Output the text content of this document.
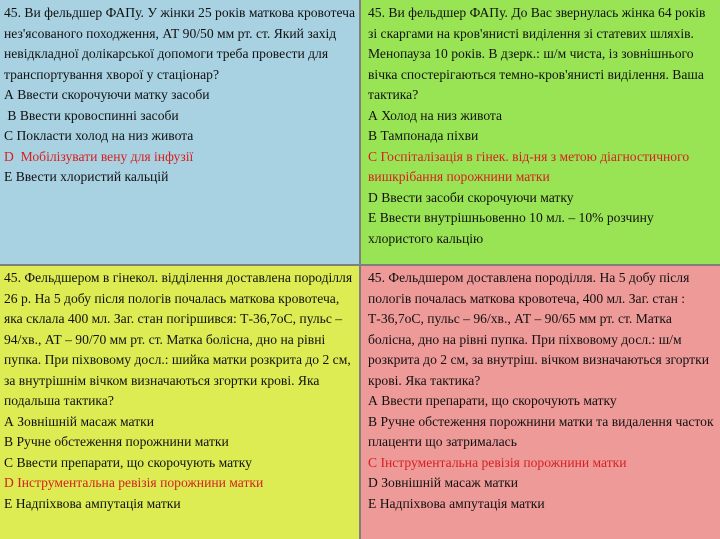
45. Ви фельдшер ФАПу. У жінки 25 років маткова кровотеча нез'ясованого походження, АТ 90/50 мм рт. ст. Який захід невідкладної долікарської допомоги треба провести для транспортування хворої у стаціонар?

А Ввести скорочуючи матку засоби

В Ввести кровоспинні засоби

С Покласти холод на низ живота

D  Мобілізувати вену для інфузії

Е Ввести хлористий кальцій

45. Ви фельдшер ФАПу. До Вас звернулась жінка 64 років зі скаргами на кров'янисті виділення зі статевих шляхів. Менопауза 10 років. В дзерк.: ш/м чиста, із зовнішнього вічка спостерігаються темно-кров'янисті виділення. Ваша тактика?

А Холод на низ живота

В Тампонада піхви

С Госпіталізація в гінек. від-ня з метою діагностичного вишкрібання порожнини матки

D Ввести засоби скорочуючи матку

Е Ввести внутрішньовенно 10 мл. – 10% розчину хлористого кальцію

45. Фельдшером в гінекол. відділення доставлена породілля 26 р. На 5 добу після пологів почалась маткова кровотеча, яка склала 400 мл. Заг. стан погіршився: Т-36,7оС, пульс – 94/хв., АТ – 90/70 мм рт. ст. Матка болісна, дно на рівні пупка. При піхвовому досл.: шийка матки розкрита до 2 см, за внутрішнім вічком визначаються згортки крові. Яка подальша тактика?

А Зовнішній масаж матки

В Ручне обстеження порожнини матки

С Ввести препарати, що скорочують матку

D Інструментальна ревізія порожнини матки

Е Надпіхвова ампутація матки

45. Фельдшером доставлена породілля. На 5 добу після пологів почалась маткова кровотеча, 400 мл. Заг. стан : Т-36,7оС, пульс – 96/хв., АТ – 90/65 мм рт. ст. Матка болісна, дно на рівні пупка. При піхвовому досл.: ш/м розкрита до 2 см, за внутріш. вічком визначаються згортки крові. Яка тактика?

А Ввести препарати, що скорочують матку

В Ручне обстеження порожнини матки та видалення часток плаценти що затрималась

С Інструментальна ревізія порожнини матки

D Зовнішній масаж матки

Е Надпіхвова ампутація матки
